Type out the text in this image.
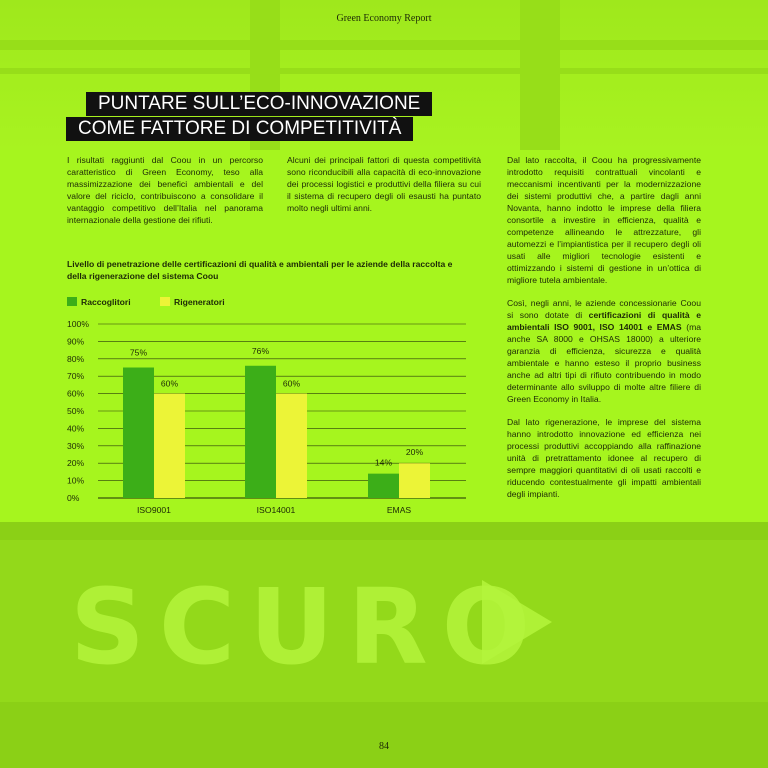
SCURO
Green Economy Report
PUNTARE SULL’ECO-INNOVAZIONE
COME FATTORE DI COMPETITIVITÀ

I risultati raggiunti dal Coou in un percorso caratteristico di Green Economy, teso alla massimizzazione dei benefici ambientali e del valore del riciclo, contribuiscono a consolidare il vantaggio competitivo dell’Italia nel panorama internazionale della gestione dei rifiuti.

Alcuni dei principali fattori di questa competitività sono riconducibili alla capacità di eco-innovazione dei processi logistici e produttivi della filiera su cui il sistema di recupero degli oli esausti ha puntato molto negli ultimi anni.

Dal lato raccolta, il Coou ha progressivamente introdotto requisiti contrattuali vincolanti e meccanismi incentivanti per la modernizzazione dei sistemi produttivi che, a partire dagli anni Novanta, hanno indotto le imprese della filiera consortile a investire in efficienza, qualità e competenze allineando le attrezzature, gli automezzi e l’impiantistica per il recupero degli oli usati alle migliori tecnologie esistenti e ottimizzando i sistemi di gestione in un’ottica di migliore tutela ambientale.

Così, negli anni, le aziende concessionarie Coou si sono dotate di certificazioni di qualità e ambientali ISO 9001, ISO 14001 e EMAS (ma anche SA 8000 e OHSAS 18000) a ulteriore garanzia di efficienza, sicurezza e qualità ambientale e hanno esteso il proprio business anche ad altri tipi di rifiuto contribuendo in modo determinante allo sviluppo di molte altre filiere di Green Economy in Italia.

Dal lato rigenerazione, le imprese del sistema hanno introdotto innovazione ed efficienza nei processi produttivi accoppiando alla raffinazione unità di pretrattamento idonee al recupero di sempre maggiori quantitativi di oli usati raccolti e riducendo contestualmente gli impatti ambientali degli impianti.

Livello di penetrazione delle certificazioni di qualità e ambientali per le aziende della raccolta e della rigenerazione del sistema Coou
Raccoglitori	Rigeneratori
0%
10%
20%
30%
40%
50%
60%
70%
80%
90%
100%
75%
60%
ISO9001
76%
60%
ISO14001
14%
20%
EMAS
84
